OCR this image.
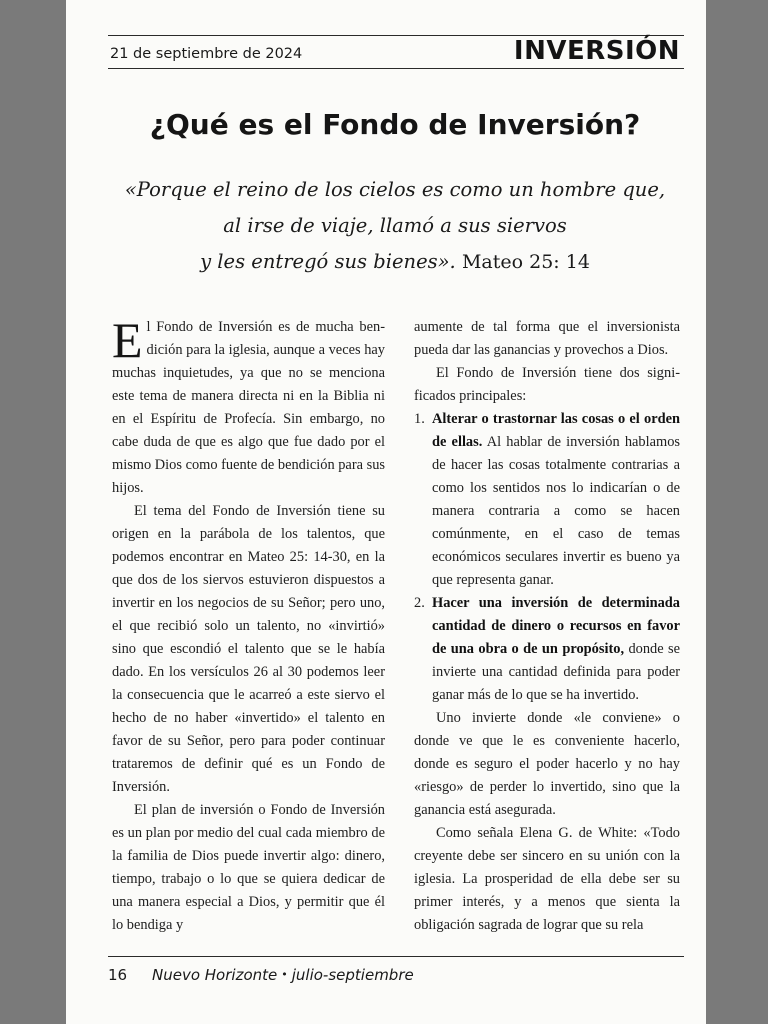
21 de septiembre de 2024	INVERSIÓN
¿Qué es el Fondo de Inversión?
«Porque el reino de los cielos es como un hombre que,
al irse de viaje, llamó a sus siervos
y les entregó sus bienes». Mateo 25: 14

El Fondo de Inversión es de mucha bendición para la iglesia, aunque a veces hay muchas inquietudes, ya que no se menciona este tema de manera directa ni en la Biblia ni en el Espíritu de Profecía. Sin embargo, no cabe duda de que es algo que fue dado por el mismo Dios como fuente de bendición para sus hijos.

El tema del Fondo de Inversión tiene su origen en la parábola de los talentos, que podemos encontrar en Mateo 25: 14-30, en la que dos de los siervos estuvieron dispuestos a invertir en los negocios de su Señor; pero uno, el que recibió solo un talento, no «invirtió» sino que escondió el talento que se le había dado. En los versículos 26 al 30 podemos leer la consecuencia que le acarreó a este siervo el hecho de no haber «invertido» el talento en favor de su Señor, pero para poder continuar trataremos de definir qué es un Fondo de Inversión.

El plan de inversión o Fondo de Inversión es un plan por medio del cual cada miembro de la familia de Dios puede invertir algo: dinero, tiempo, trabajo o lo que se quiera dedicar de una manera especial a Dios, y permitir que él lo bendiga y

aumente de tal forma que el inversionista pueda dar las ganancias y provechos a Dios.

El Fondo de Inversión tiene dos significados principales:

1. Alterar o trastornar las cosas o el orden de ellas. Al hablar de inversión hablamos de hacer las cosas totalmente contrarias a como los sentidos nos lo indicarían o de manera contraria a como se hacen comúnmente, en el caso de temas económicos seculares invertir es bueno ya que representa ganar.
2. Hacer una inversión de determinada cantidad de dinero o recursos en favor de una obra o de un propósito, donde se invierte una cantidad definida para poder ganar más de lo que se ha invertido.

Uno invierte donde «le conviene» o donde ve que le es conveniente hacerlo, donde es seguro el poder hacerlo y no hay «riesgo» de perder lo invertido, sino que la ganancia está asegurada.

Como señala Elena G. de White: «Todo creyente debe ser sincero en su unión con la iglesia. La prosperidad de ella debe ser su primer interés, y a menos que sienta la obligación sagrada de lograr que su rela

16 Nuevo Horizonte • julio-septiembre
